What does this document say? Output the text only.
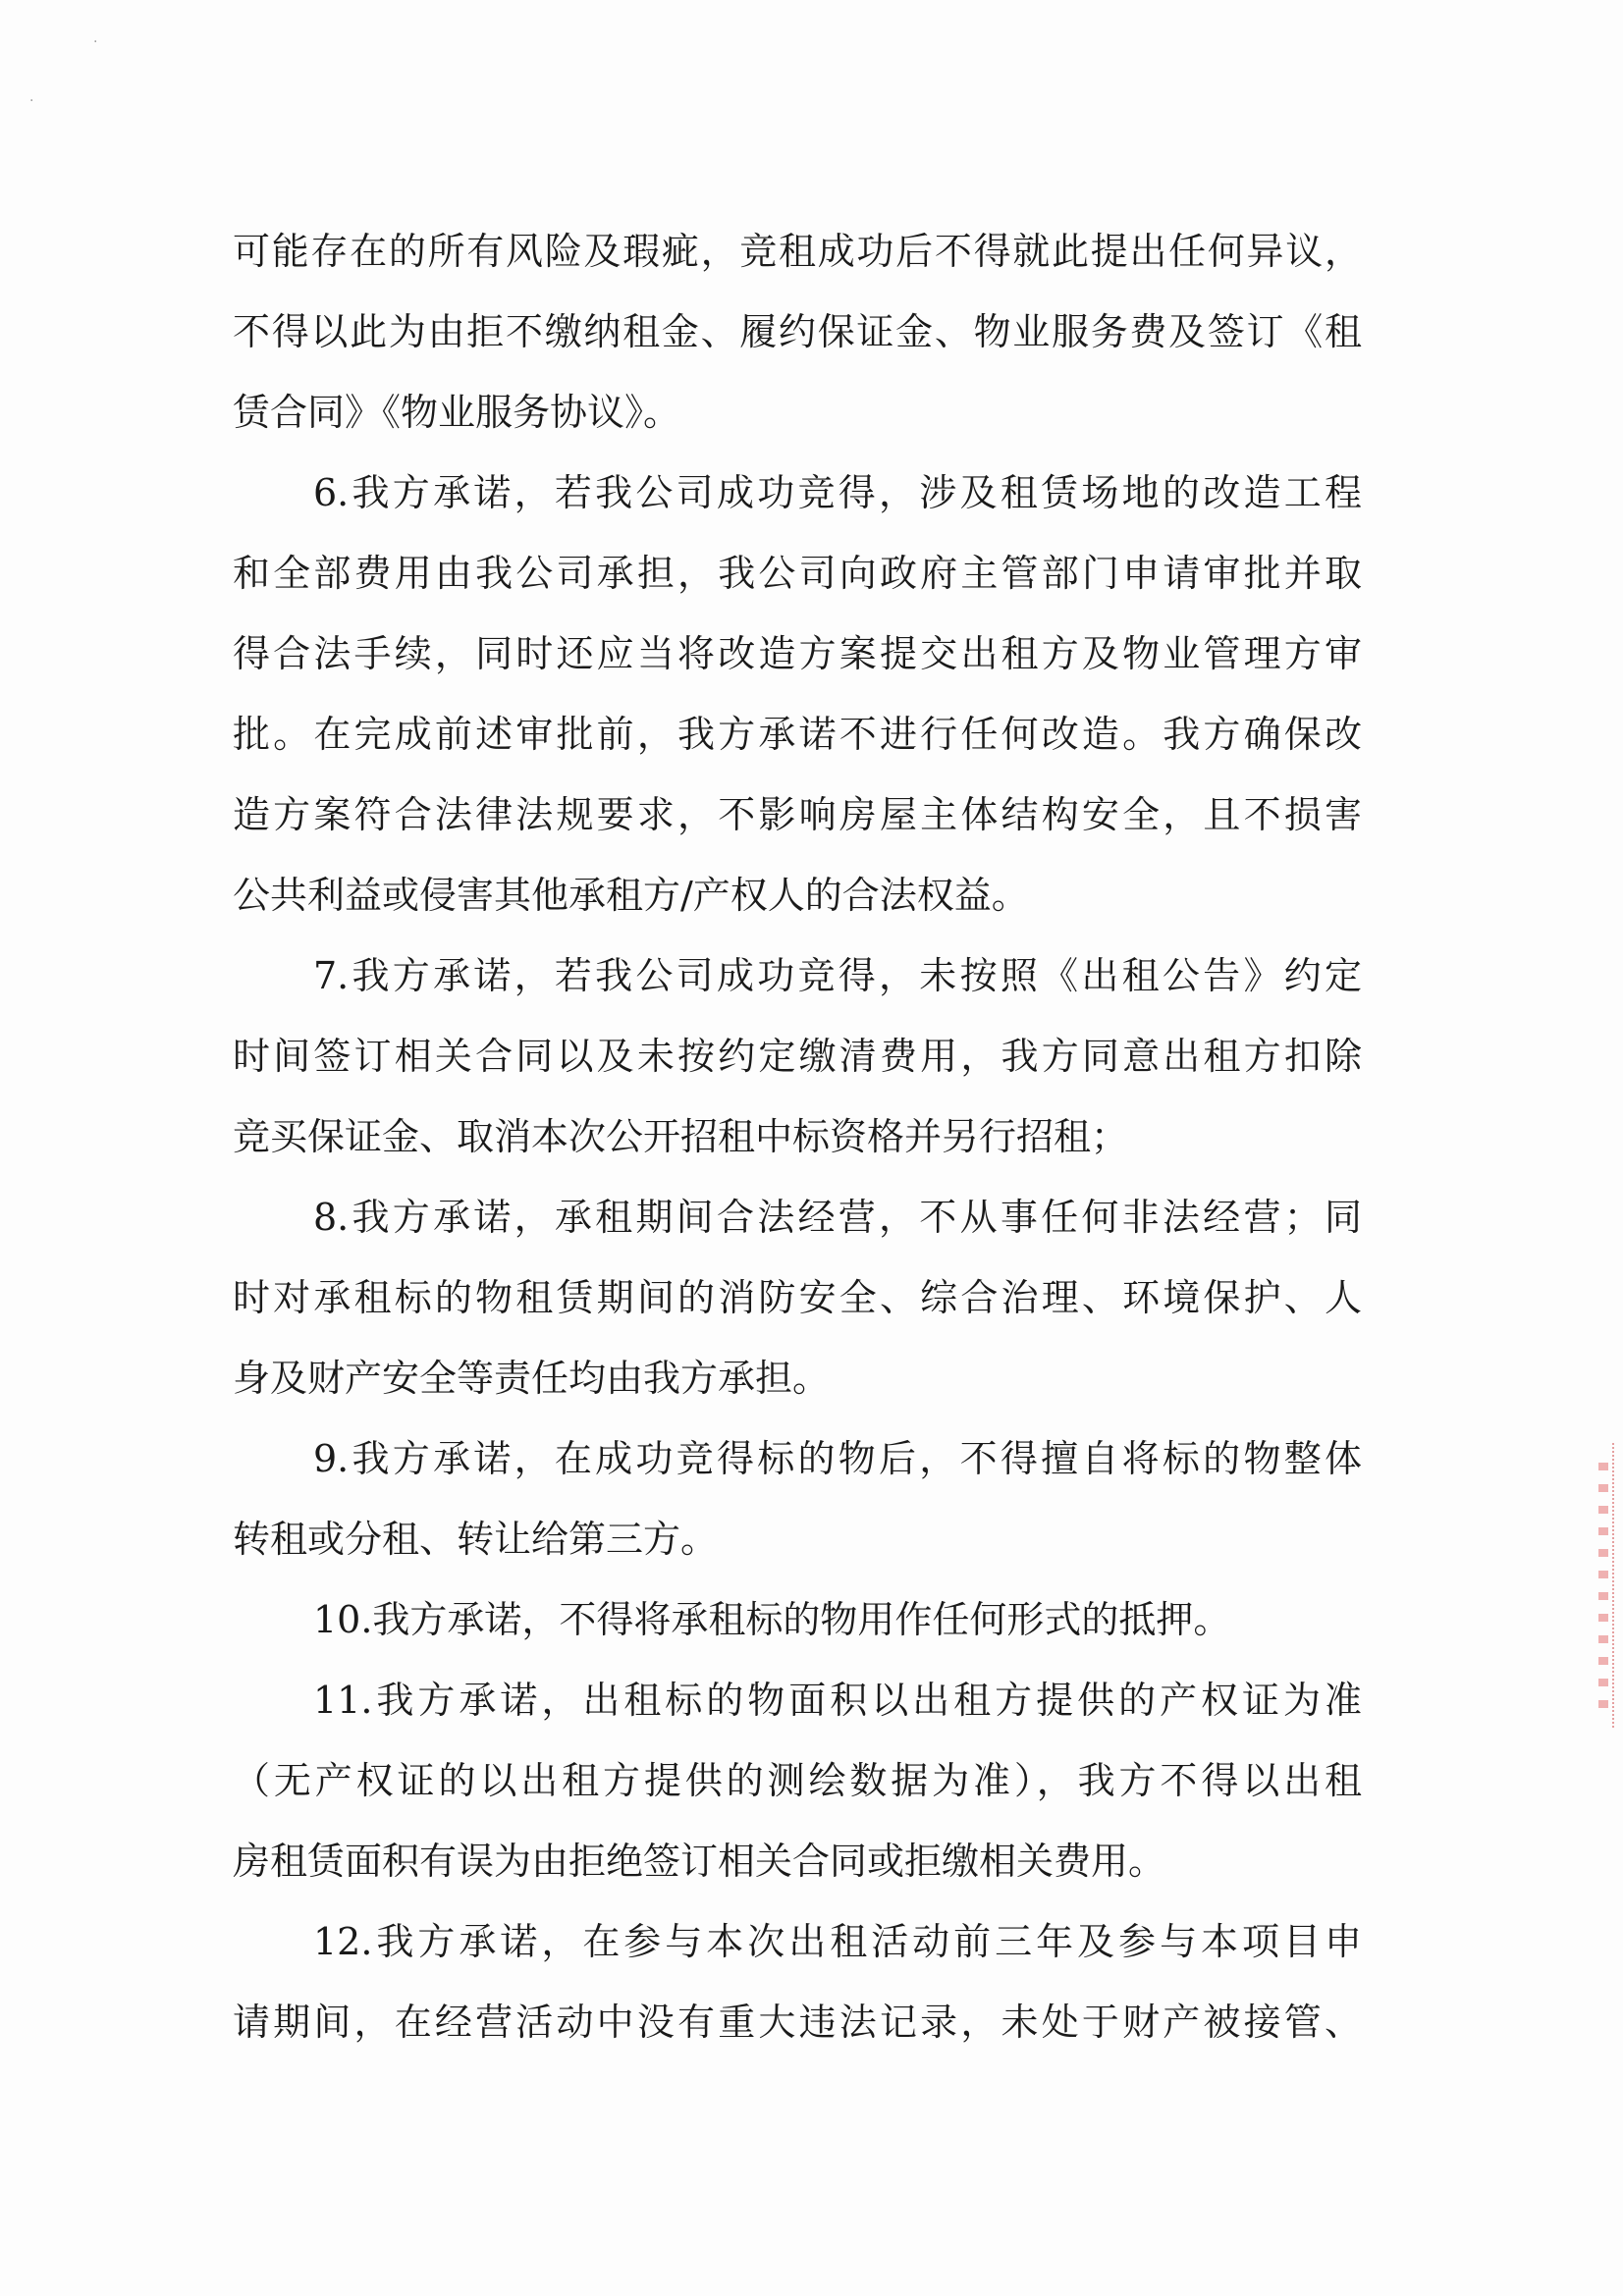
·
·
可能存在的所有风险及瑕疵，竞租成功后不得就此提出任何异议，
不得以此为由拒不缴纳租金、履约保证金、物业服务费及签订《租
赁合同》《物业服务协议》。
6.我方承诺，若我公司成功竞得，涉及租赁场地的改造工程
和全部费用由我公司承担，我公司向政府主管部门申请审批并取
得合法手续，同时还应当将改造方案提交出租方及物业管理方审
批。在完成前述审批前，我方承诺不进行任何改造。我方确保改
造方案符合法律法规要求，不影响房屋主体结构安全，且不损害
公共利益或侵害其他承租方/产权人的合法权益。
7.我方承诺，若我公司成功竞得，未按照《出租公告》约定
时间签订相关合同以及未按约定缴清费用，我方同意出租方扣除
竞买保证金、取消本次公开招租中标资格并另行招租；
8.我方承诺，承租期间合法经营，不从事任何非法经营；同
时对承租标的物租赁期间的消防安全、综合治理、环境保护、人
身及财产安全等责任均由我方承担。
9.我方承诺，在成功竞得标的物后，不得擅自将标的物整体
转租或分租、转让给第三方。
10.我方承诺，不得将承租标的物用作任何形式的抵押。
11.我方承诺，出租标的物面积以出租方提供的产权证为准
（无产权证的以出租方提供的测绘数据为准），我方不得以出租
房租赁面积有误为由拒绝签订相关合同或拒缴相关费用。
12.我方承诺，在参与本次出租活动前三年及参与本项目申
请期间，在经营活动中没有重大违法记录，未处于财产被接管、
